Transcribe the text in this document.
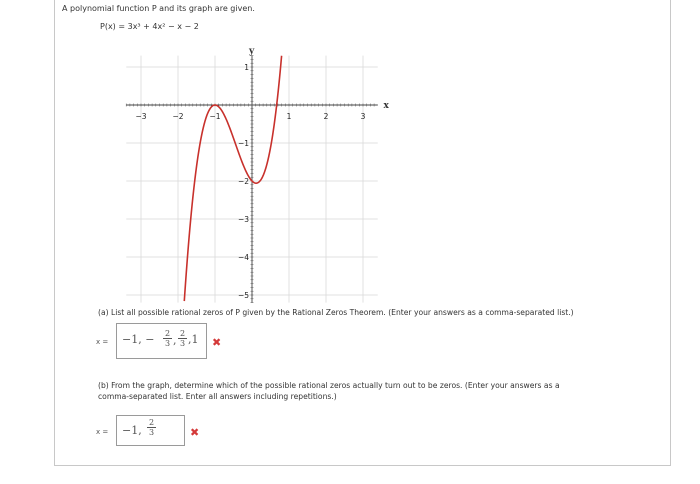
A polynomial function P and its graph are given.
P(x) = 3x³ + 4x² − x − 2
x
y
−3	−2	−1	1	2	3
1
−1
−2
−3
−4
−5
(a) List all possible rational zeros of P given by the Rational Zeros Theorem. (Enter your answers as a comma-separated list.)
x = −1, − $\frac{2}{3}$ , $\frac{2}{3} ,1$ ✖
(b) From the graph, determine which of the possible rational zeros actually turn out to be zeros. (Enter your answers as a
comma-separated list. Enter all answers including repetitions.)
x = −1, $\frac{2}{3}$	✖
